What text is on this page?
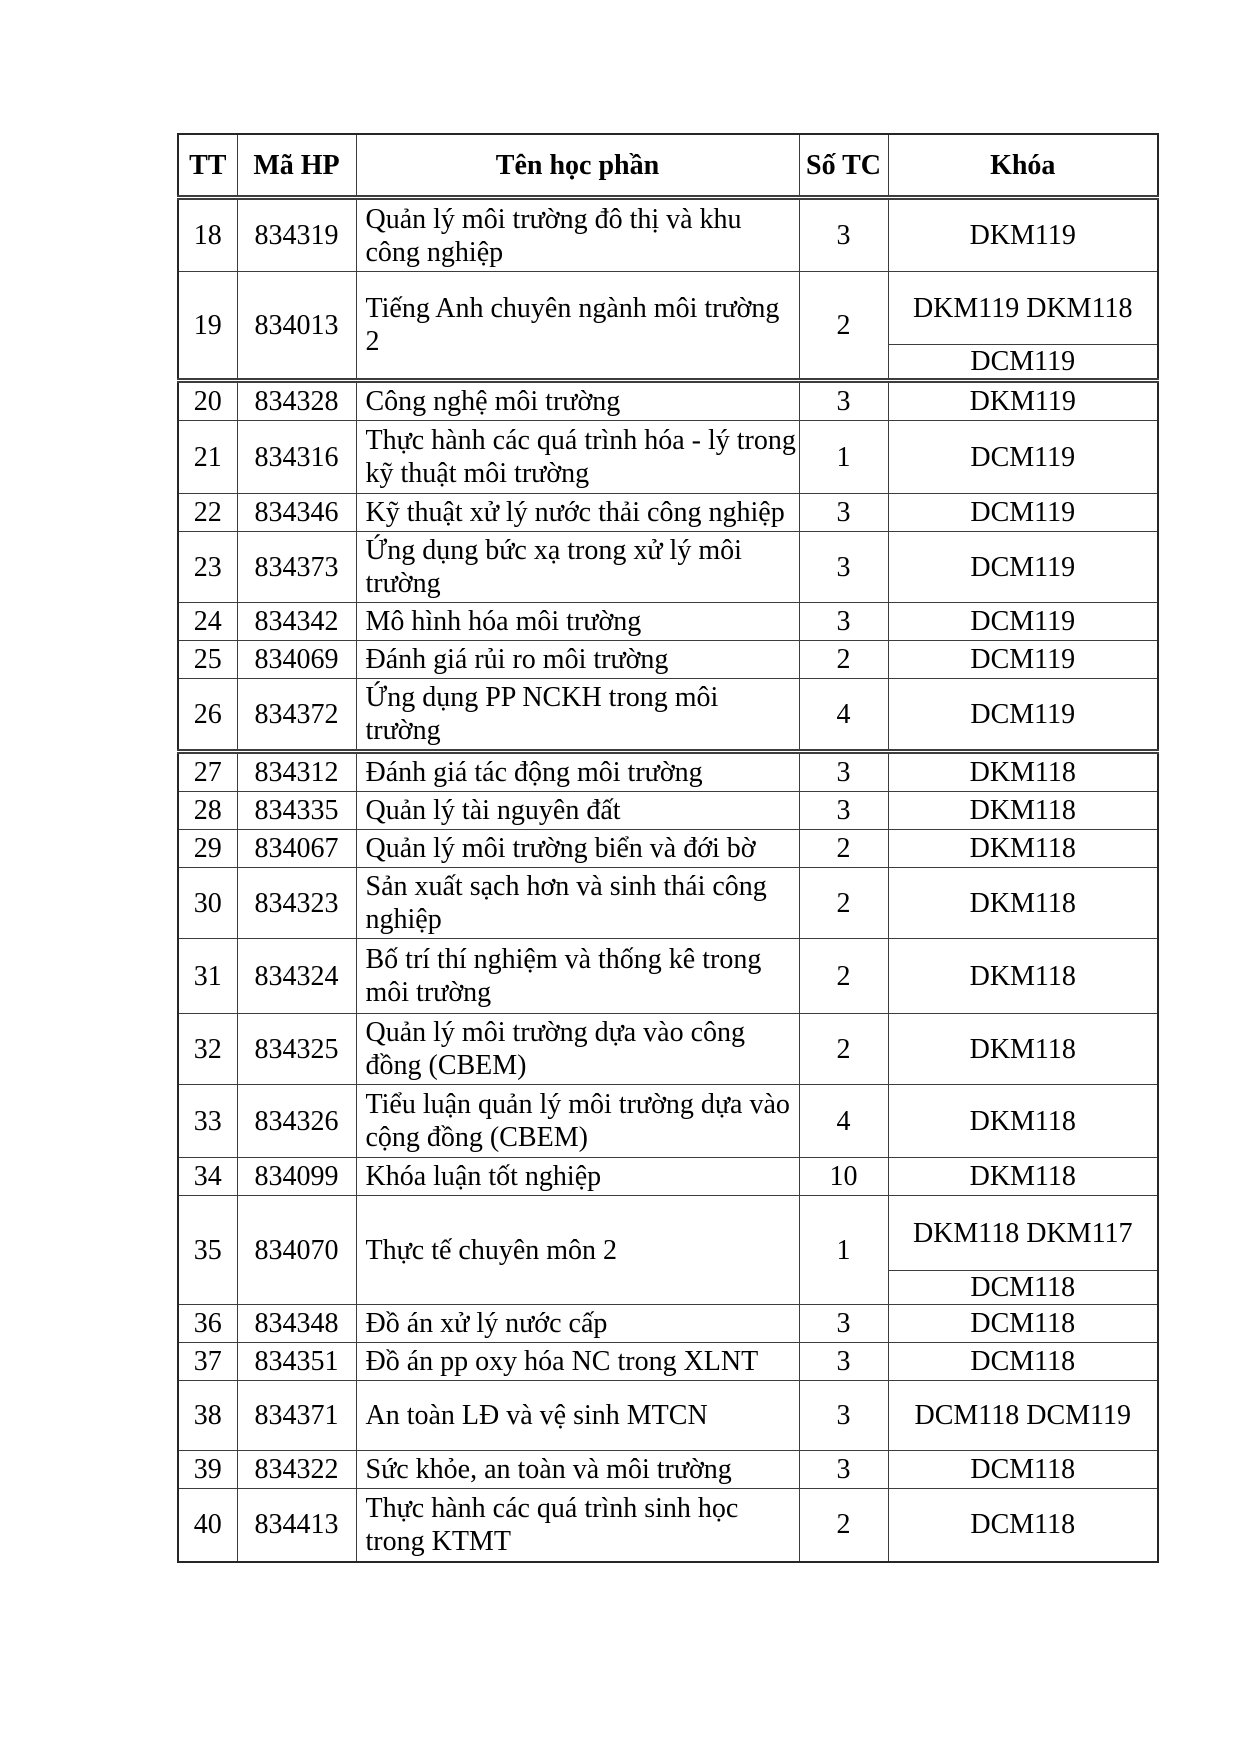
TT	Mã HP	Tên học phần	Số TC	Khóa
18	834319	Quản lý môi trường đô thị và khu công nghiệp	3	DKM119
19	834013	Tiếng Anh chuyên ngành môi trường 2	2	DKM119 DKM118
				DCM119
20	834328	Công nghệ môi trường	3	DKM119
21	834316	Thực hành các quá trình hóa - lý trong kỹ thuật môi trường	1	DCM119
22	834346	Kỹ thuật xử lý nước thải công nghiệp	3	DCM119
23	834373	Ứng dụng bức xạ trong xử lý môi trường	3	DCM119
24	834342	Mô hình hóa môi trường	3	DCM119
25	834069	Đánh giá rủi ro môi trường	2	DCM119
26	834372	Ứng dụng PP NCKH trong môi trường	4	DCM119
27	834312	Đánh giá tác động môi trường	3	DKM118
28	834335	Quản lý tài nguyên đất	3	DKM118
29	834067	Quản lý môi trường biển và đới bờ	2	DKM118
30	834323	Sản xuất sạch hơn và sinh thái công nghiệp	2	DKM118
31	834324	Bố trí thí nghiệm và thống kê trong môi trường	2	DKM118
32	834325	Quản lý môi trường dựa vào công đồng (CBEM)	2	DKM118
33	834326	Tiểu luận quản lý môi trường dựa vào cộng đồng (CBEM)	4	DKM118
34	834099	Khóa luận tốt nghiệp	10	DKM118
35	834070	Thực tế chuyên môn 2	1	DKM118 DKM117
				DCM118
36	834348	Đồ án xử lý nước cấp	3	DCM118
37	834351	Đồ án pp oxy hóa NC trong XLNT	3	DCM118
38	834371	An toàn LĐ và vệ sinh MTCN	3	DCM118 DCM119
39	834322	Sức khỏe, an toàn và môi trường	3	DCM118
40	834413	Thực hành các quá trình sinh học trong KTMT	2	DCM118
